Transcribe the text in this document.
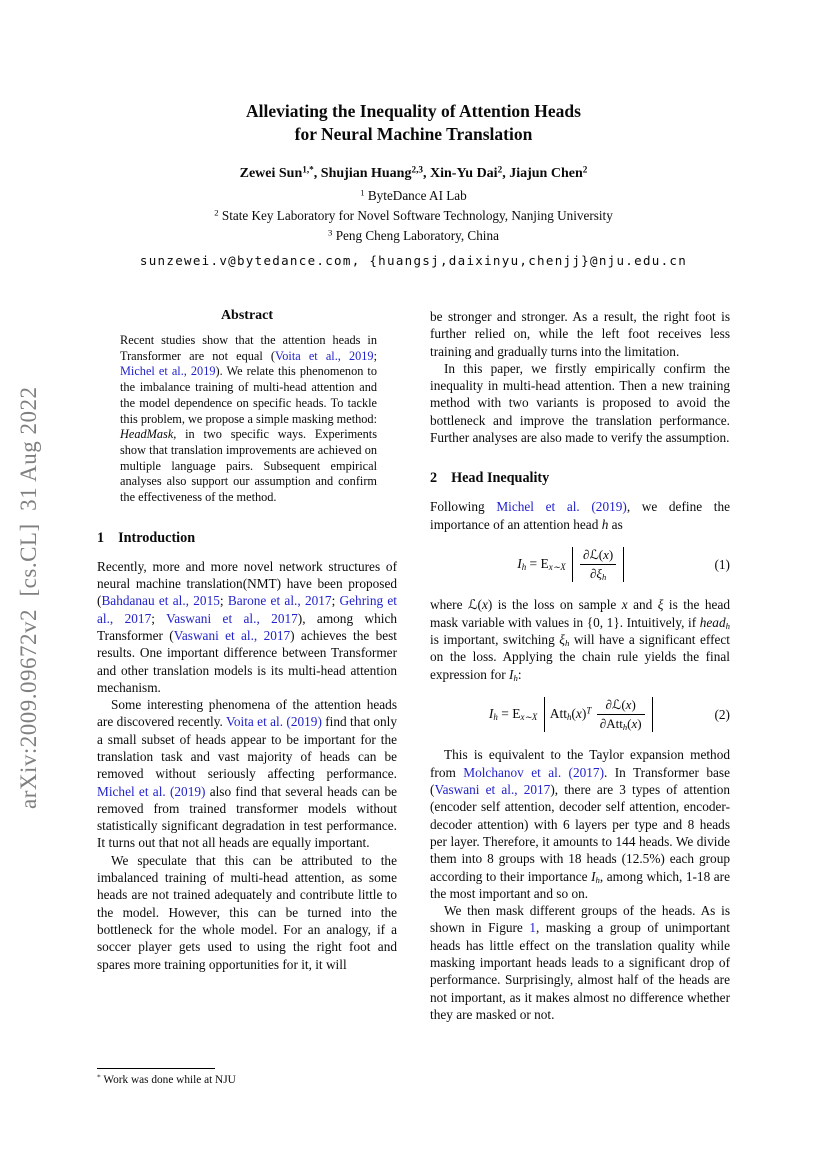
arXiv:2009.09672v2  [cs.CL]  31 Aug 2022
Alleviating the Inequality of Attention Heads
for Neural Machine Translation
Zewei Sun$^{1,*}$, Shujian Huang$^{2,3}$, Xin-Yu Dai$^2$, Jiajun Chen$^2$
$^1$ ByteDance AI Lab
$^2$ State Key Laboratory for Novel Software Technology, Nanjing University
$^3$ Peng Cheng Laboratory, China
sunzewei.v@bytedance.com, {huangsj,daixinyu,chenjj}@nju.edu.cn
Abstract

Recent studies show that the attention heads in Transformer are not equal (Voita et al., 2019; Michel et al., 2019). We relate this phenomenon to the imbalance training of multi-head attention and the model dependence on specific heads. To tackle this problem, we propose a simple masking method: HeadMask, in two specific ways. Experiments show that translation improvements are achieved on multiple language pairs. Subsequent empirical analyses also support our assumption and confirm the effectiveness of the method.

1 Introduction

Recently, more and more novel network structures of neural machine translation(NMT) have been proposed (Bahdanau et al., 2015; Barone et al., 2017; Gehring et al., 2017; Vaswani et al., 2017), among which Transformer (Vaswani et al., 2017) achieves the best results. One important difference between Transformer and other translation models is its multi-head attention mechanism.

Some interesting phenomena of the attention heads are discovered recently. Voita et al. (2019) find that only a small subset of heads appear to be important for the translation task and vast majority of heads can be removed without seriously affecting performance. Michel et al. (2019) also find that several heads can be removed from trained transformer models without statistically significant degradation in test performance. It turns out that not all heads are equally important.

We speculate that this can be attributed to the imbalanced training of multi-head attention, as some heads are not trained adequately and contribute little to the model. However, this can be turned into the bottleneck for the whole model. For an analogy, if a soccer player gets used to using the right foot and spares more training opportunities for it, it will

* Work was done while at NJU

be stronger and stronger. As a result, the right foot is further relied on, while the left foot receives less training and gradually turns into the limitation.

In this paper, we firstly empirically confirm the inequality in multi-head attention. Then a new training method with two variants is proposed to avoid the bottleneck and improve the translation performance. Further analyses are also made to verify the assumption.

2 Head Inequality

Following Michel et al. (2019), we define the importance of an attention head h as

$I_h = E_{x\sim X} \frac{\text{∂ℒ(x)}}{\partial\xi_h}$	(1)

where ℒ(x) is the loss on sample x and ξ is the head mask variable with values in {0, 1}. Intuitively, if head$_h$ is important, switching $\xi_h$ will have a significant effect on the loss. Applying the chain rule yields the final expression for $I_h$:

$I_h = E_{x\sim X}$ $Att_h(x)^T \frac{\text{∂ℒ(x)}}{\partial Att_h(x)}$	(2)

This is equivalent to the Taylor expansion method from Molchanov et al. (2017). In Transformer base (Vaswani et al., 2017), there are 3 types of attention (encoder self attention, decoder self attention, encoder-decoder attention) with 6 layers per type and 8 heads per layer. Therefore, it amounts to 144 heads. We divide them into 8 groups with 18 heads (12.5%) each group according to their importance $I_h$, among which, 1-18 are the most important and so on.

We then mask different groups of the heads. As is shown in Figure 1, masking a group of unimportant heads has little effect on the translation quality while masking important heads leads to a significant drop of performance. Surprisingly, almost half of the heads are not important, as it makes almost no difference whether they are masked or not.
